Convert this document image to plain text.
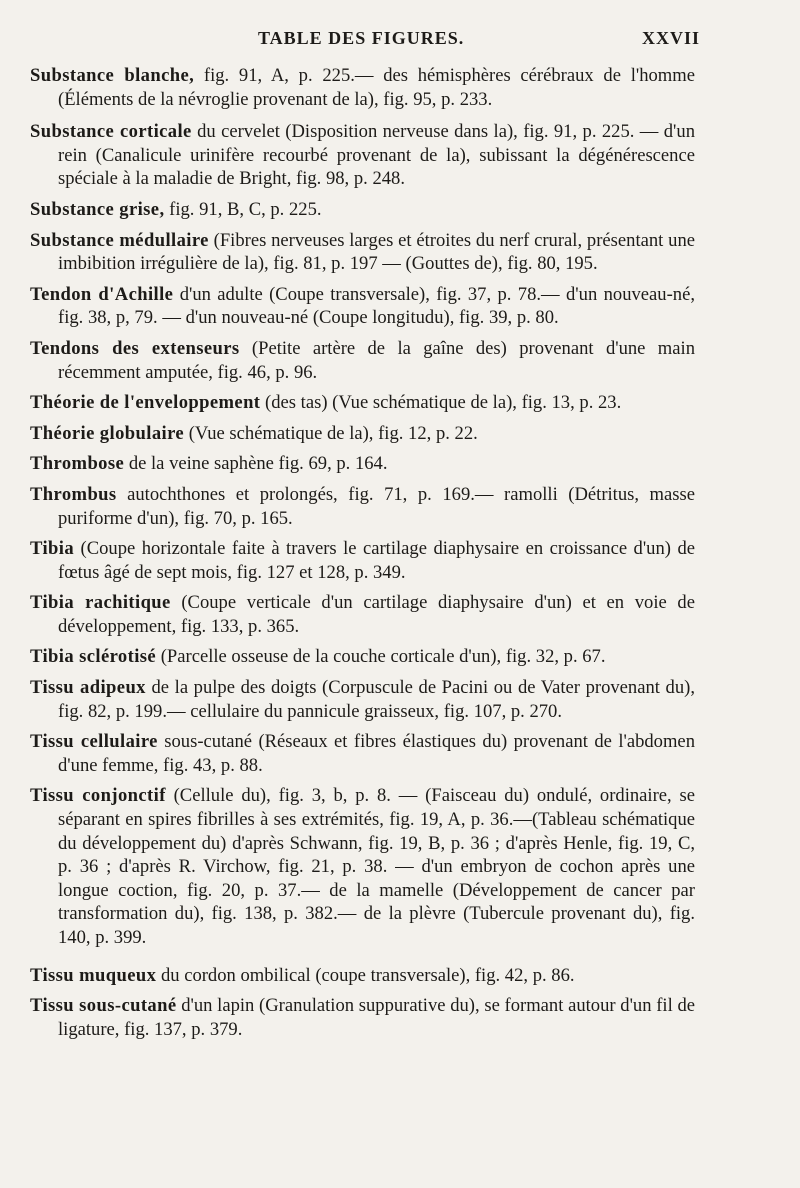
TABLE DES FIGURES.	XXVII

Substance blanche, fig. 91, A, p. 225.— des hémisphères cérébraux de l'homme (Éléments de la névroglie provenant de la), fig. 95, p. 233.

Substance corticale du cervelet (Disposition nerveuse dans la), fig. 91, p. 225. — d'un rein (Canalicule urinifère recourbé provenant de la), subissant la dégénérescence spéciale à la maladie de Bright, fig. 98, p. 248.

Substance grise, fig. 91, B, C, p. 225.

Substance médullaire (Fibres nerveuses larges et étroites du nerf crural, présentant une imbibition irrégulière de la), fig. 81, p. 197 — (Gouttes de), fig. 80, 195.

Tendon d'Achille d'un adulte (Coupe transversale), fig. 37, p. 78.— d'un nouveau-né, fig. 38, p, 79. — d'un nouveau-né (Coupe longitudu), fig. 39, p. 80.

Tendons des extenseurs (Petite artère de la gaîne des) provenant d'une main récemment amputée, fig. 46, p. 96.

Théorie de l'enveloppement (des tas) (Vue schématique de la), fig. 13, p. 23.

Théorie globulaire (Vue schématique de la), fig. 12, p. 22.

Thrombose de la veine saphène fig. 69, p. 164.

Thrombus autochthones et prolongés, fig. 71, p. 169.— ramolli (Détritus, masse puriforme d'un), fig. 70, p. 165.

Tibia (Coupe horizontale faite à travers le cartilage diaphysaire en croissance d'un) de fœtus âgé de sept mois, fig. 127 et 128, p. 349.

Tibia rachitique (Coupe verticale d'un cartilage diaphysaire d'un) et en voie de développement, fig. 133, p. 365.

Tibia sclérotisé (Parcelle osseuse de la couche corticale d'un), fig. 32, p. 67.

Tissu adipeux de la pulpe des doigts (Corpuscule de Pacini ou de Vater provenant du), fig. 82, p. 199.— cellulaire du pannicule graisseux, fig. 107, p. 270.

Tissu cellulaire sous-cutané (Réseaux et fibres élastiques du) provenant de l'abdomen d'une femme, fig. 43, p. 88.

Tissu conjonctif (Cellule du), fig. 3, b, p. 8. — (Faisceau du) ondulé, ordinaire, se séparant en spires fibrilles à ses extrémités, fig. 19, A, p. 36.—(Tableau schématique du développement du) d'après Schwann, fig. 19, B, p. 36 ; d'après Henle, fig. 19, C, p. 36 ; d'après R. Virchow, fig. 21, p. 38. — d'un embryon de cochon après une longue coction, fig. 20, p. 37.— de la mamelle (Développement de cancer par transformation du), fig. 138, p. 382.— de la plèvre (Tubercule provenant du), fig. 140, p. 399.

Tissu muqueux du cordon ombilical (coupe transversale), fig. 42, p. 86.

Tissu sous-cutané d'un lapin (Granulation suppurative du), se formant autour d'un fil de ligature, fig. 137, p. 379.
